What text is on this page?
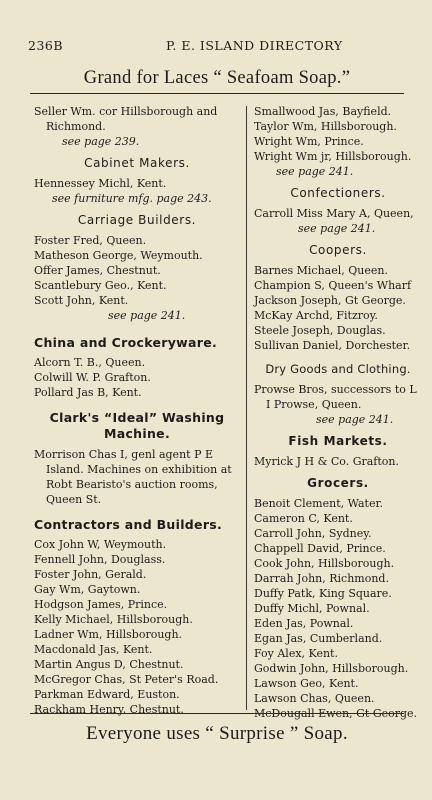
236B	P. E. ISLAND DIRECTORY
Grand for Laces “ Seafoam Soap.”
Seller Wm. cor Hillsborough and Richmond.
see page 239.
Cabinet Makers.
Hennessey Michl, Kent.
see furniture mfg. page 243.
Carriage Builders.
Foster Fred, Queen.
Matheson George, Weymouth.
Offer James, Chestnut.
Scantlebury Geo., Kent.
Scott John, Kent.
see page 241.
China and Crockeryware.
Alcorn T. B., Queen.
Colwill W. P. Grafton.
Pollard Jas B, Kent.
Clark's “Ideal” Washing Machine.
Morrison Chas I, genl agent P E Island. Machines on exhibition at Robt Bearisto's auction rooms, Queen St.
Contractors and Builders.
Cox John W, Weymouth.
Fennell John, Douglass.
Foster John, Gerald.
Gay Wm, Gaytown.
Hodgson James, Prince.
Kelly Michael, Hillsborough.
Ladner Wm, Hillsborough.
Macdonald Jas, Kent.
Martin Angus D, Chestnut.
McGregor Chas, St Peter's Road.
Parkman Edward, Euston.
Rackham Henry, Chestnut.
Smallwood Jas, Bayfield.
Taylor Wm, Hillsborough.
Wright Wm, Prince.
Wright Wm jr, Hillsborough.
see page 241.
Confectioners.
Carroll Miss Mary A, Queen,
see page 241.
Coopers.
Barnes Michael, Queen.
Champion S, Queen's Wharf
Jackson Joseph, Gt George.
McKay Archd, Fitzroy.
Steele Joseph, Douglas.
Sullivan Daniel, Dorchester.
Dry Goods and Clothing.
Prowse Bros, successors to L I Prowse, Queen.
see page 241.
Fish Markets.
Myrick J H & Co. Grafton.
Grocers.
Benoit Clement, Water.
Cameron C, Kent.
Carroll John, Sydney.
Chappell David, Prince.
Cook John, Hillsborough.
Darrah John, Richmond.
Duffy Patk, King Square.
Duffy Michl, Pownal.
Eden Jas, Pownal.
Egan Jas, Cumberland.
Foy Alex, Kent.
Godwin John, Hillsborough.
Lawson Geo, Kent.
Lawson Chas, Queen.
McDougall Ewen, Gt George.
Everyone uses “ Surprise ” Soap.
